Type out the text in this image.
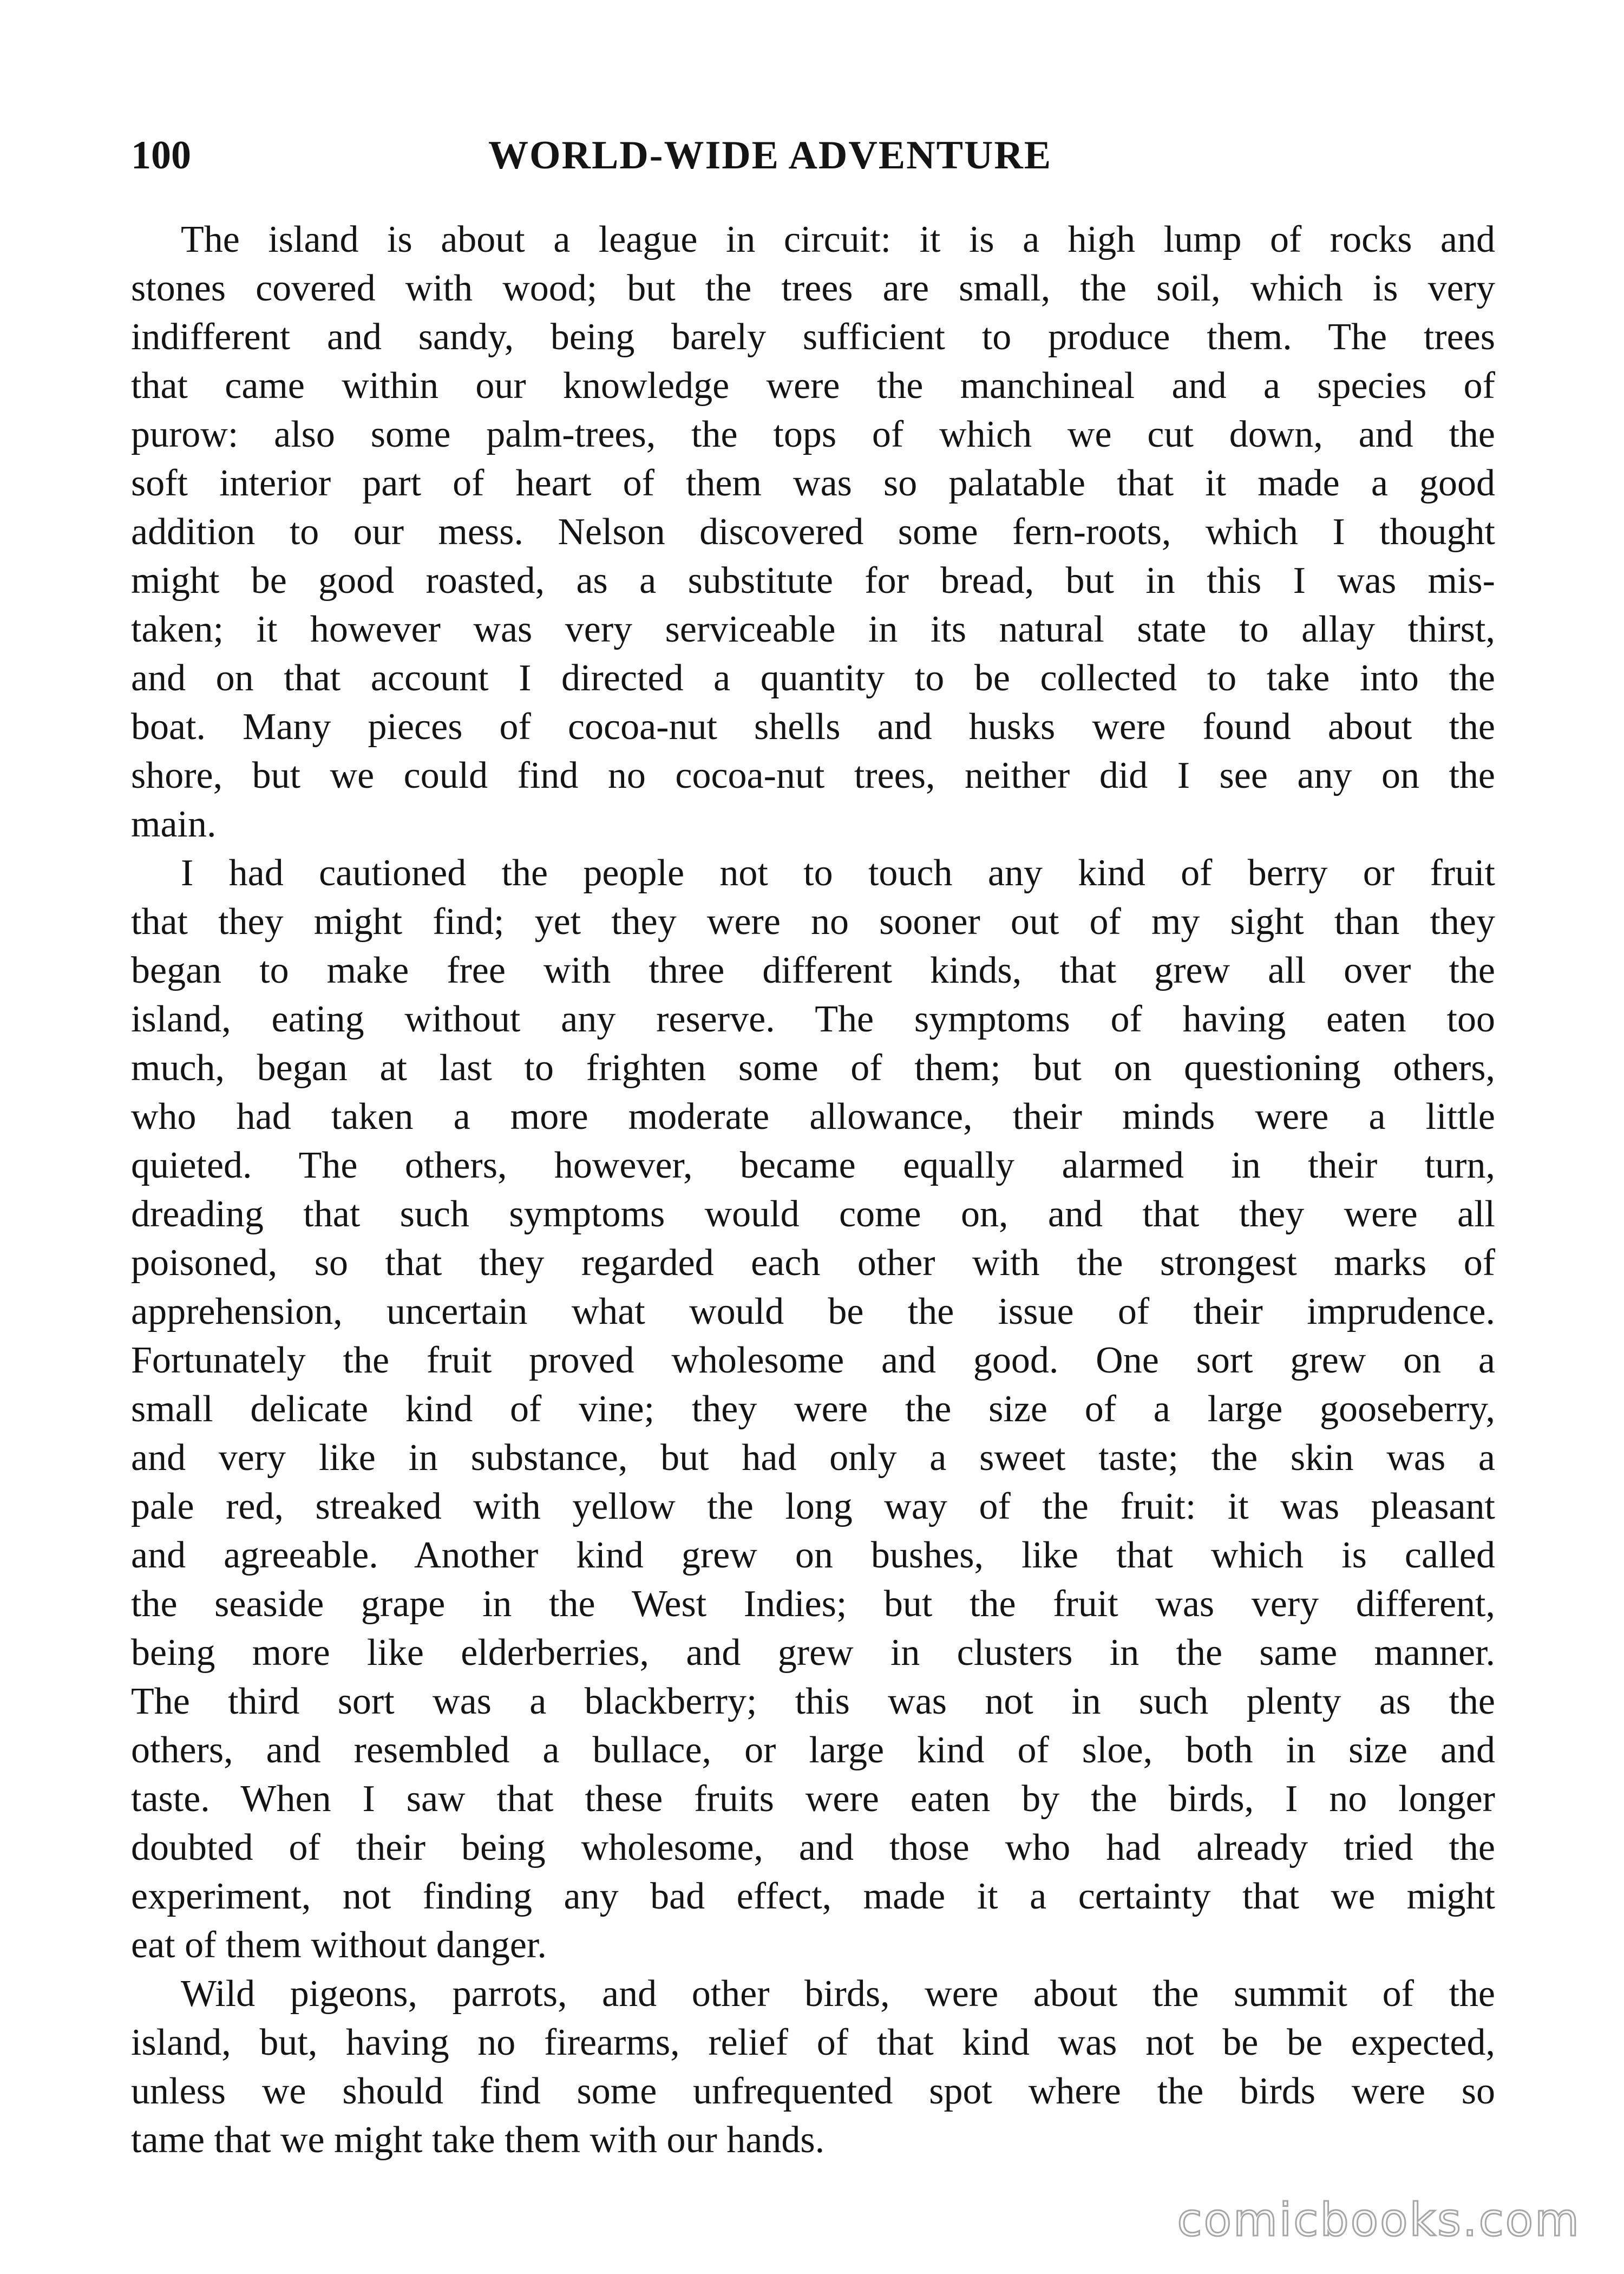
100	WORLD-WIDE ADVENTURE
The island is about a league in circuit: it is a high lump of rocks and
stones covered with wood; but the trees are small, the soil, which is very
indifferent and sandy, being barely sufficient to produce them. The trees
that came within our knowledge were the manchineal and a species of
purow: also some palm-trees, the tops of which we cut down, and the
soft interior part of heart of them was so palatable that it made a good
addition to our mess. Nelson discovered some fern-roots, which I thought
might be good roasted, as a substitute for bread, but in this I was mis-
taken; it however was very serviceable in its natural state to allay thirst,
and on that account I directed a quantity to be collected to take into the
boat. Many pieces of cocoa-nut shells and husks were found about the
shore, but we could find no cocoa-nut trees, neither did I see any on the
main.
I had cautioned the people not to touch any kind of berry or fruit
that they might find; yet they were no sooner out of my sight than they
began to make free with three different kinds, that grew all over the
island, eating without any reserve. The symptoms of having eaten too
much, began at last to frighten some of them; but on questioning others,
who had taken a more moderate allowance, their minds were a little
quieted. The others, however, became equally alarmed in their turn,
dreading that such symptoms would come on, and that they were all
poisoned, so that they regarded each other with the strongest marks of
apprehension, uncertain what would be the issue of their imprudence.
Fortunately the fruit proved wholesome and good. One sort grew on a
small delicate kind of vine; they were the size of a large gooseberry,
and very like in substance, but had only a sweet taste; the skin was a
pale red, streaked with yellow the long way of the fruit: it was pleasant
and agreeable. Another kind grew on bushes, like that which is called
the seaside grape in the West Indies; but the fruit was very different,
being more like elderberries, and grew in clusters in the same manner.
The third sort was a blackberry; this was not in such plenty as the
others, and resembled a bullace, or large kind of sloe, both in size and
taste. When I saw that these fruits were eaten by the birds, I no longer
doubted of their being wholesome, and those who had already tried the
experiment, not finding any bad effect, made it a certainty that we might
eat of them without danger.
Wild pigeons, parrots, and other birds, were about the summit of the
island, but, having no firearms, relief of that kind was not be be expected,
unless we should find some unfrequented spot where the birds were so
tame that we might take them with our hands.
comicbooks.com
